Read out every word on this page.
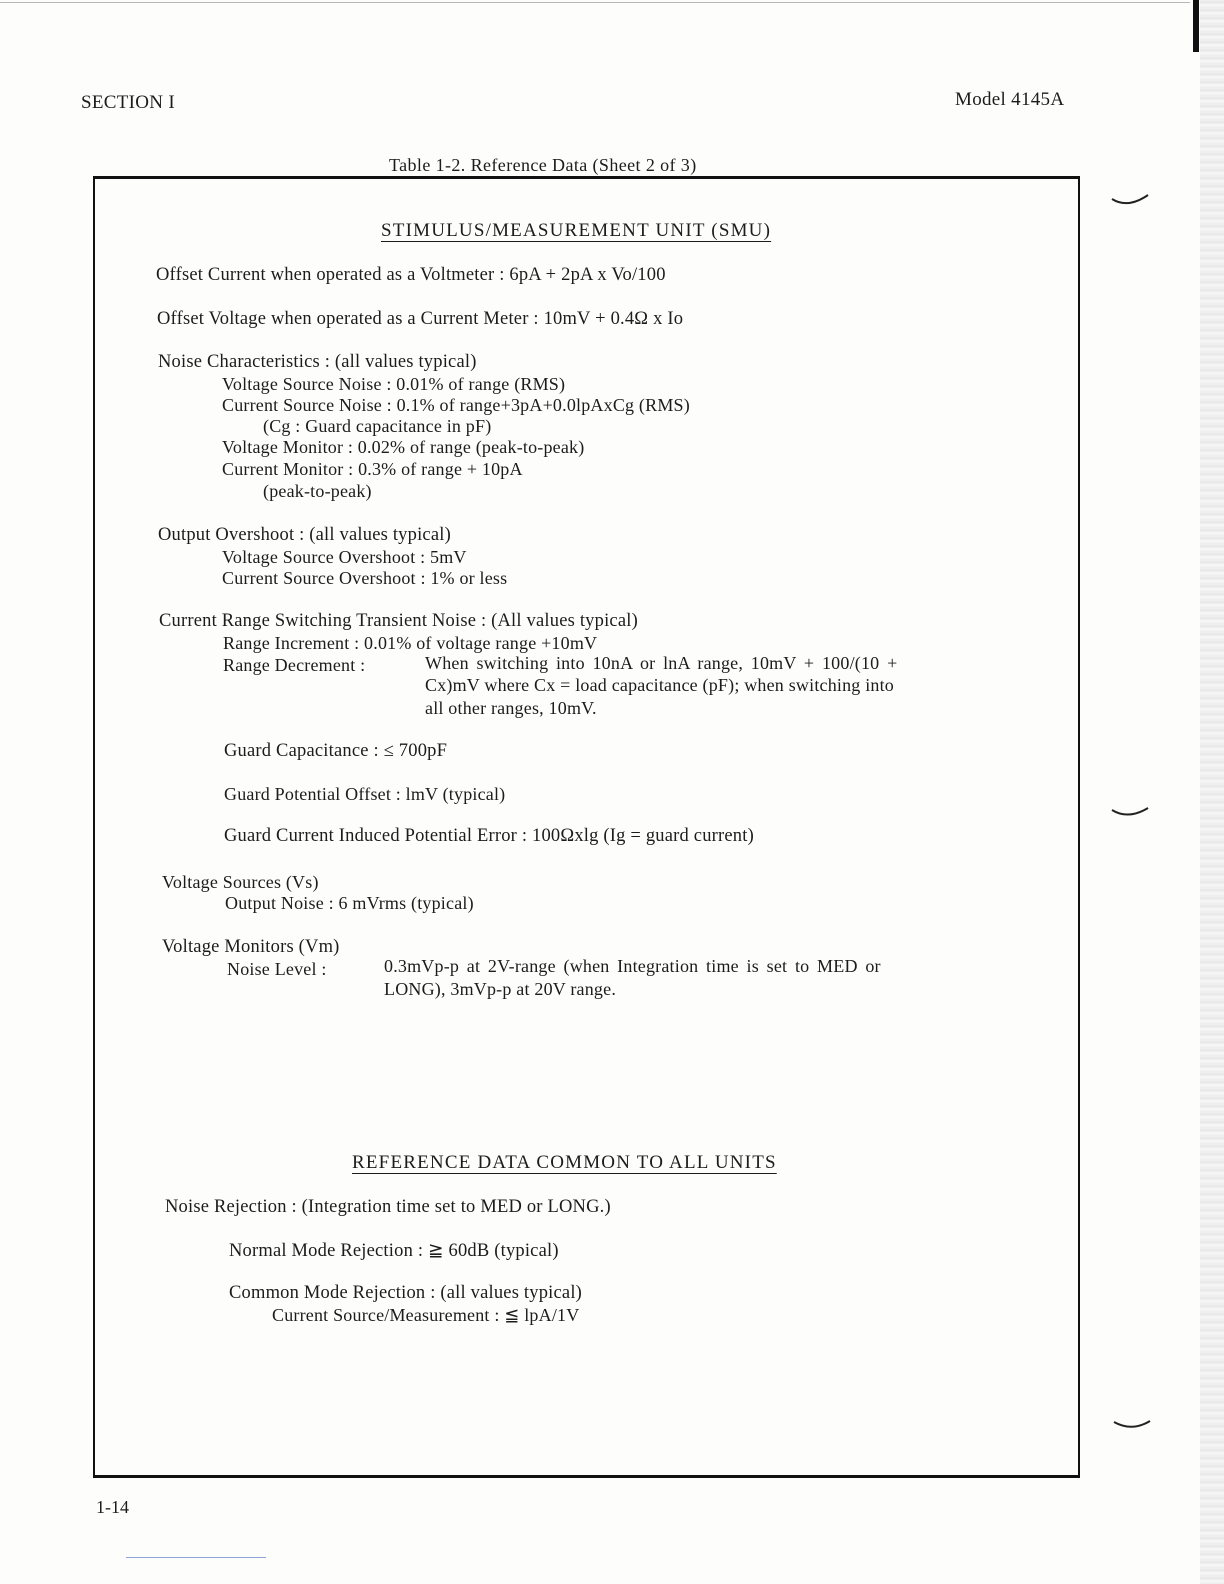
SECTION I	Model 4145A
Table 1-2. Reference Data (Sheet 2 of 3)
STIMULUS/MEASUREMENT UNIT (SMU)
Offset Current when operated as a Voltmeter : 6pA + 2pA x Vo/100
Offset Voltage when operated as a Current Meter : 10mV + 0.4Ω x Io
Noise Characteristics : (all values typical)
Voltage Source Noise : 0.01% of range (RMS)
Current Source Noise : 0.1% of range+3pA+0.0lpAxCg (RMS)
(Cg : Guard capacitance in pF)
Voltage Monitor : 0.02% of range (peak-to-peak)
Current Monitor : 0.3% of range + 10pA
(peak-to-peak)
Output Overshoot : (all values typical)
Voltage Source Overshoot : 5mV
Current Source Overshoot : 1% or less
Current Range Switching Transient Noise : (All values typical)
Range Increment : 0.01% of voltage range +10mV
Range Decrement :	When switching into 10nA or lnA range, 10mV + 100/(10 +
Cx)mV where Cx = load capacitance (pF); when switching into
all other ranges, 10mV.
Guard Capacitance : ≤ 700pF
Guard Potential Offset : lmV (typical)
Guard Current Induced Potential Error : 100Ωxlg (Ig = guard current)
Voltage Sources (Vs)
Output Noise : 6 mVrms (typical)
Voltage Monitors (Vm)
Noise Level :	0.3mVp-p at 2V-range (when Integration time is set to MED or
LONG), 3mVp-p at 20V range.
REFERENCE DATA COMMON TO ALL UNITS
Noise Rejection : (Integration time set to MED or LONG.)
Normal Mode Rejection : ≧ 60dB (typical)
Common Mode Rejection : (all values typical)
Current Source/Measurement : ≦ lpA/1V
1-14
